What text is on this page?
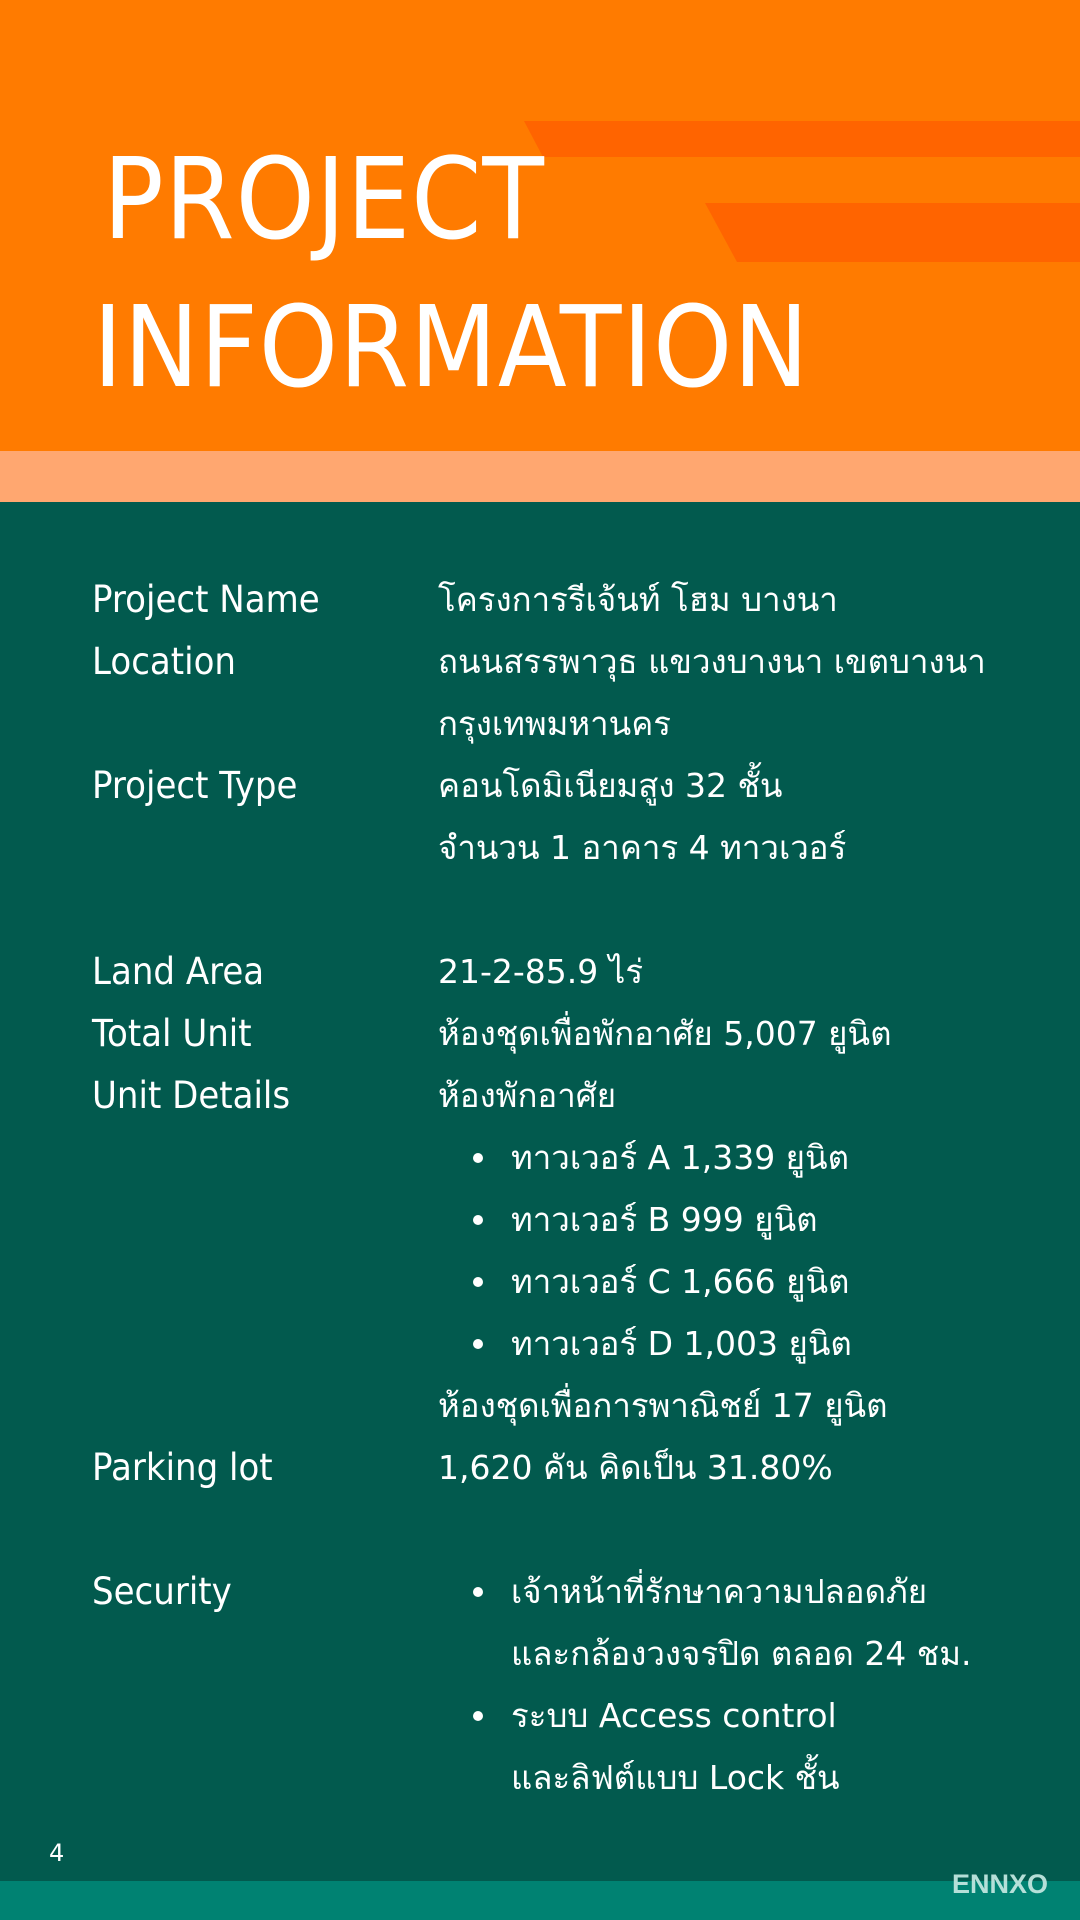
PROJECT
INFORMATION
Project Name	โครงการรีเจ้นท์ โฮม บางนา
Location	ถนนสรรพาวุธ แขวงบางนา เขตบางนา
กรุงเทพมหานคร
Project Type	คอนโดมิเนียมสูง 32 ชั้น
จำนวน 1 อาคาร 4 ทาวเวอร์
Land Area	21-2-85.9 ไร่
Total Unit	ห้องชุดเพื่อพักอาศัย 5,007 ยูนิต
Unit Details	ห้องพักอาศัย
ทาวเวอร์ A 1,339 ยูนิต
ทาวเวอร์ B 999 ยูนิต
ทาวเวอร์ C 1,666 ยูนิต
ทาวเวอร์ D 1,003 ยูนิต
ห้องชุดเพื่อการพาณิชย์ 17 ยูนิต
Parking lot	1,620 คัน คิดเป็น 31.80%
Security	เจ้าหน้าที่รักษาความปลอดภัย
และกล้องวงจรปิด ตลอด 24 ชม.
ระบบ Access control
และลิฟต์แบบ Lock ชั้น
4
ENNXO
